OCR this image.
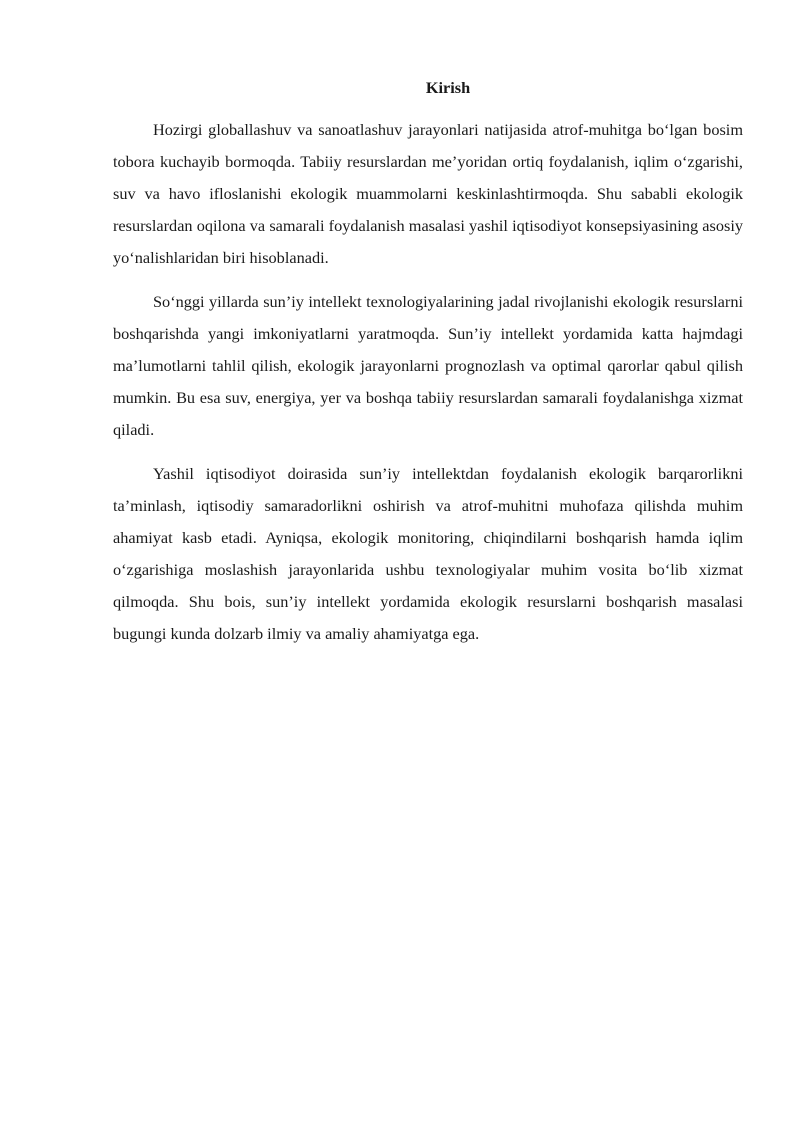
Kirish

Hozirgi globallashuv va sanoatlashuv jarayonlari natijasida atrof-muhitga bo‘lgan bosim tobora kuchayib bormoqda. Tabiiy resurslardan me’yoridan ortiq foydalanish, iqlim o‘zgarishi, suv va havo ifloslanishi ekologik muammolarni keskinlashtirmoqda. Shu sababli ekologik resurslardan oqilona va samarali foydalanish masalasi yashil iqtisodiyot konsepsiyasining asosiy yo‘nalishlaridan biri hisoblanadi.

So‘nggi yillarda sun’iy intellekt texnologiyalarining jadal rivojlanishi ekologik resurslarni boshqarishda yangi imkoniyatlarni yaratmoqda. Sun’iy intellekt yordamida katta hajmdagi ma’lumotlarni tahlil qilish, ekologik jarayonlarni prognozlash va optimal qarorlar qabul qilish mumkin. Bu esa suv, energiya, yer va boshqa tabiiy resurslardan samarali foydalanishga xizmat qiladi.

Yashil iqtisodiyot doirasida sun’iy intellektdan foydalanish ekologik barqarorlikni ta’minlash, iqtisodiy samaradorlikni oshirish va atrof-muhitni muhofaza qilishda muhim ahamiyat kasb etadi. Ayniqsa, ekologik monitoring, chiqindilarni boshqarish hamda iqlim o‘zgarishiga moslashish jarayonlarida ushbu texnologiyalar muhim vosita bo‘lib xizmat qilmoqda. Shu bois, sun’iy intellekt yordamida ekologik resurslarni boshqarish masalasi bugungi kunda dolzarb ilmiy va amaliy ahamiyatga ega.
